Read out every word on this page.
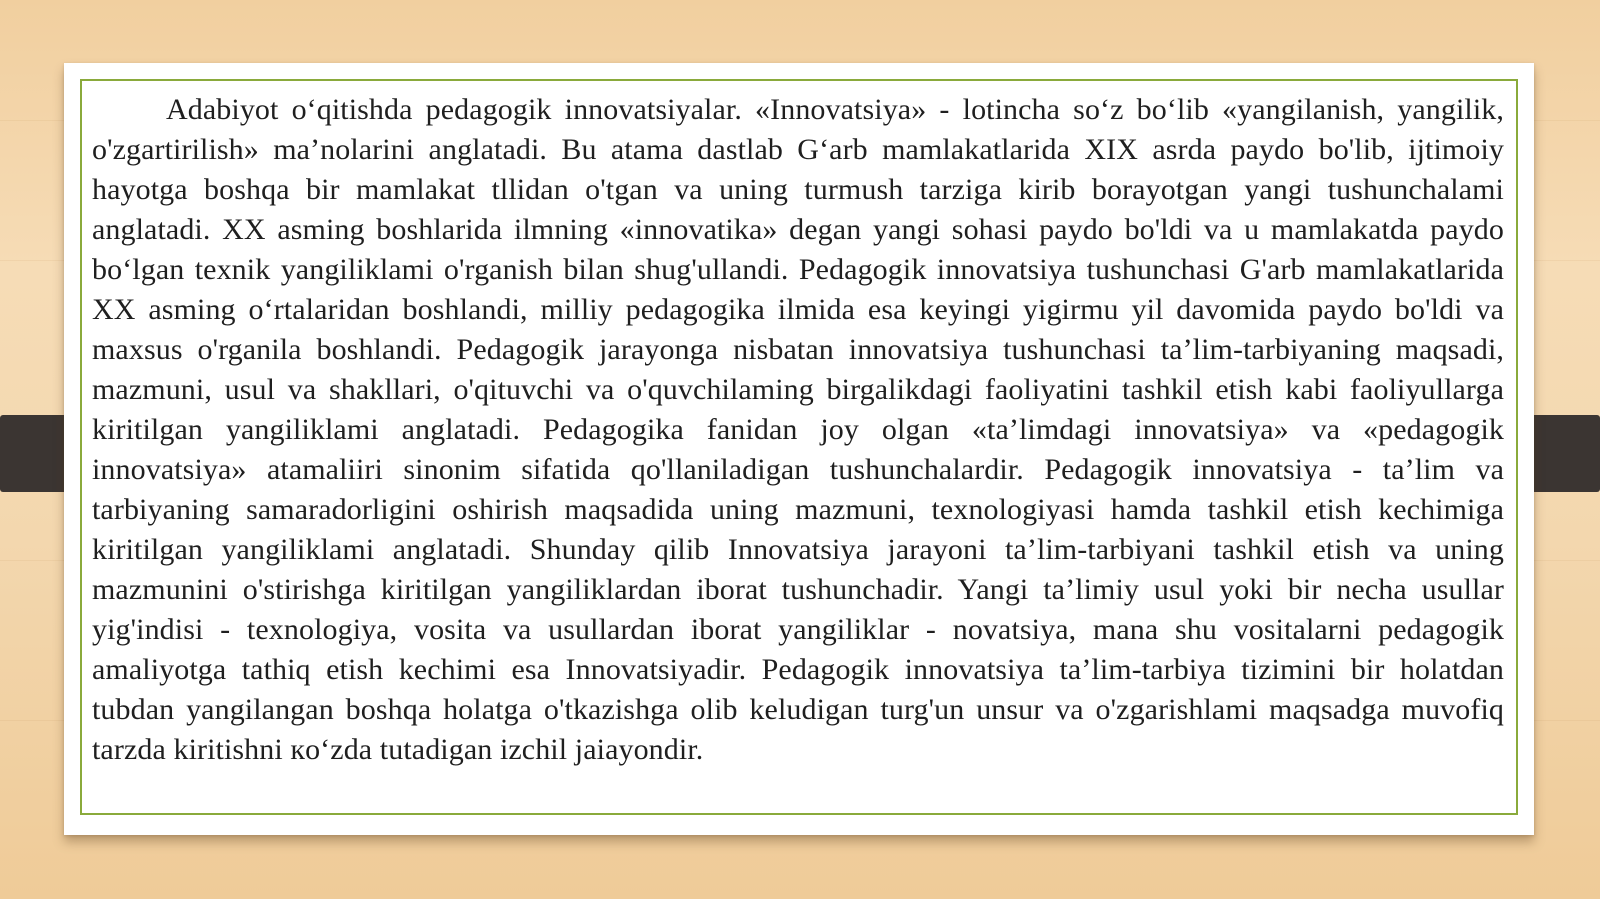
Adabiyot o‘qitishda pedagogik innovatsiyalar. «Innovatsiya» - lotincha so‘z bo‘lib «yangilanish, yangilik, o'zgartirilish» ma’nolarini anglatadi. Bu atama dastlab G‘arb mamlakatlarida XIX asrda paydo bo'lib, ijtimoiy hayotga boshqa bir mamlakat tllidan o'tgan va uning turmush tarziga kirib borayotgan yangi tushunchalami anglatadi. XX asming boshlarida ilmning «innovatika» degan yangi sohasi paydo bo'ldi va u mamlakatda paydo bo‘lgan texnik yangiliklami o'rganish bilan shug'ullandi. Pedagogik innovatsiya tushunchasi G'arb mamlakatlarida XX asming o‘rtalaridan boshlandi, milliy pedagogika ilmida esa keyingi yigirmu yil davomida paydo bo'ldi va maxsus o'rganila boshlandi. Pedagogik jarayonga nisbatan innovatsiya tushunchasi ta’lim-tarbiyaning maqsadi, mazmuni, usul va shakllari, o'qituvchi va o'quvchilaming birgalikdagi faoliyatini tashkil etish kabi faoliyullarga kiritilgan yangiliklami anglatadi. Pedagogika fanidan joy olgan «ta’limdagi innovatsiya» va «pedagogik innovatsiya» atamaliiri sinonim sifatida qo'llaniladigan tushunchalardir. Pedagogik innovatsiya - ta’lim va tarbiyaning samaradorligini oshirish maqsadida uning mazmuni, texnologiyasi hamda tashkil etish kechimiga kiritilgan yangiliklami anglatadi. Shunday qilib Innovatsiya jarayoni ta’lim-tarbiyani tashkil etish va uning mazmunini o'stirishga kiritilgan yangiliklardan iborat tushunchadir. Yangi ta’limiy usul yoki bir necha usullar yig'indisi - texnologiya, vosita va usullardan iborat yangiliklar - novatsiya, mana shu vositalarni pedagogik amaliyotga tathiq etish kechimi esa Innovatsiyadir. Pedagogik innovatsiya ta’lim-tarbiya tizimini bir holatdan tubdan yangilangan boshqa holatga o'tkazishga olib keludigan turg'un unsur va o'zgarishlami maqsadga muvofiq tarzda kiritishni кo‘zda tutadigan izchil jaiayondir.
